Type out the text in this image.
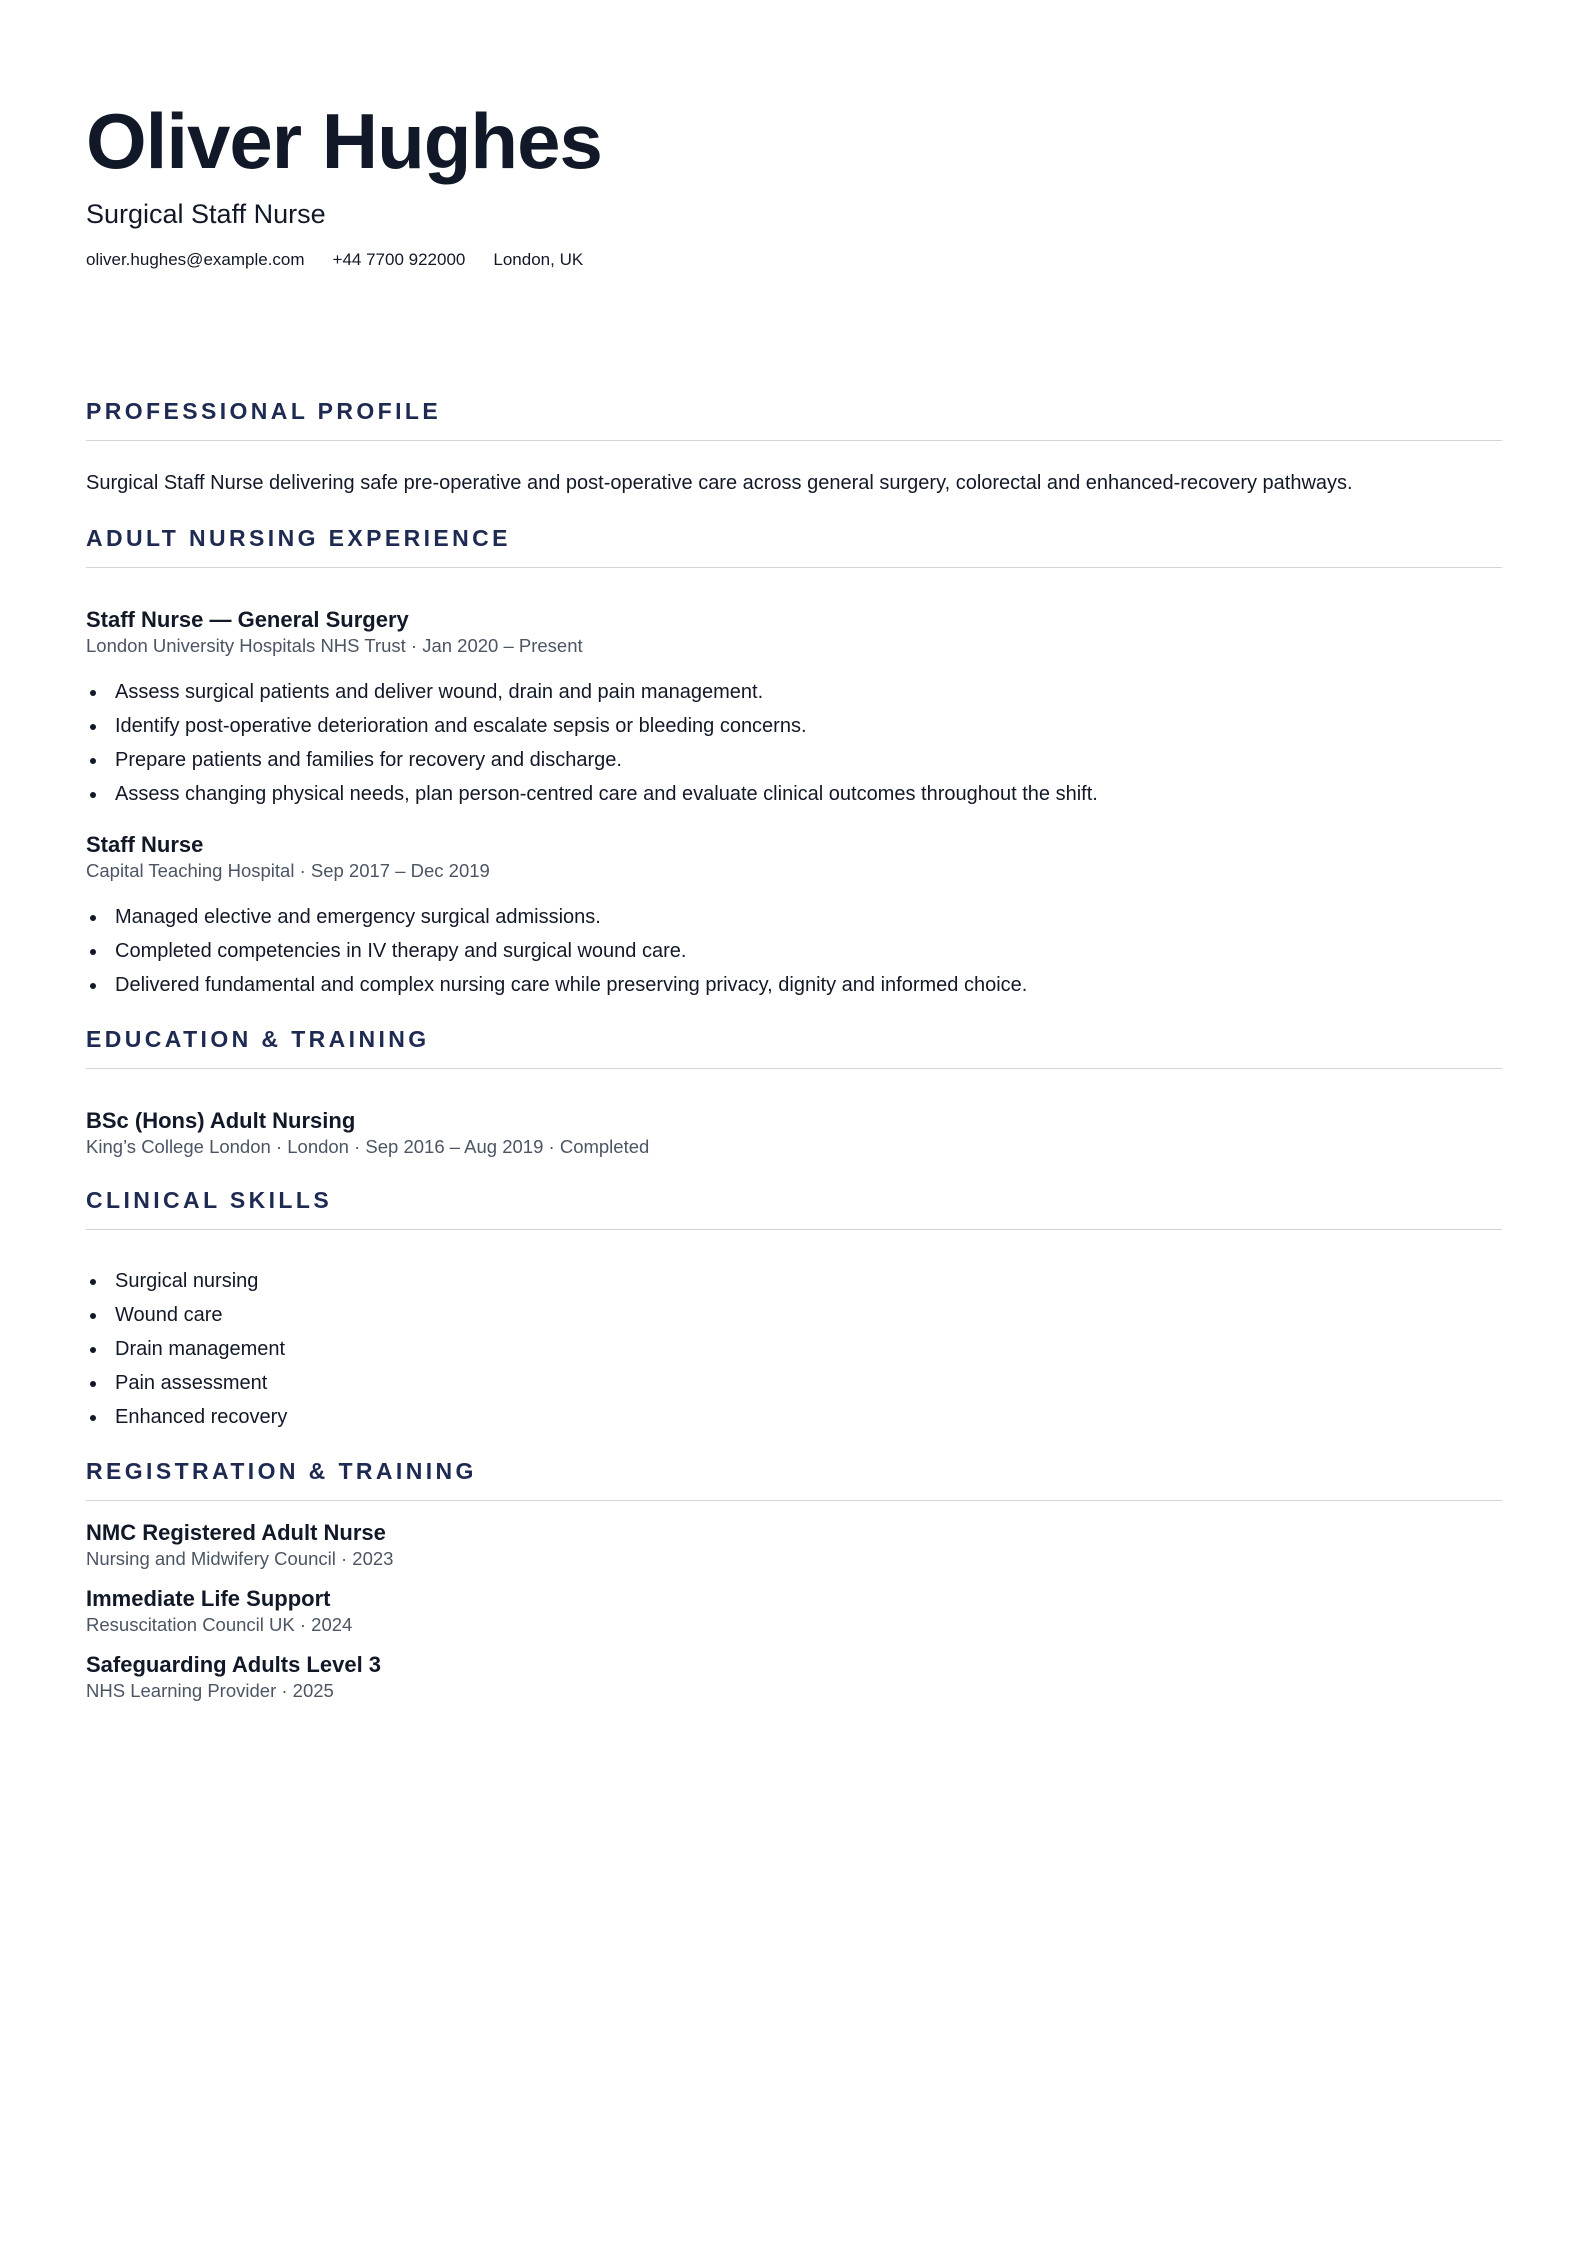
Oliver Hughes
Surgical Staff Nurse
oliver.hughes@example.com +44 7700 922000 London, UK
PROFESSIONAL PROFILE
Surgical Staff Nurse delivering safe pre-operative and post-operative care across general surgery, colorectal and enhanced-recovery pathways.
ADULT NURSING EXPERIENCE
Staff Nurse — General Surgery
London University Hospitals NHS Trust · Jan 2020 – Present
Assess surgical patients and deliver wound, drain and pain management.
Identify post-operative deterioration and escalate sepsis or bleeding concerns.
Prepare patients and families for recovery and discharge.
Assess changing physical needs, plan person-centred care and evaluate clinical outcomes throughout the shift.
Staff Nurse
Capital Teaching Hospital · Sep 2017 – Dec 2019
Managed elective and emergency surgical admissions.
Completed competencies in IV therapy and surgical wound care.
Delivered fundamental and complex nursing care while preserving privacy, dignity and informed choice.
EDUCATION & TRAINING
BSc (Hons) Adult Nursing
King’s College London · London · Sep 2016 – Aug 2019 · Completed
CLINICAL SKILLS
Surgical nursing
Wound care
Drain management
Pain assessment
Enhanced recovery
REGISTRATION & TRAINING
NMC Registered Adult Nurse
Nursing and Midwifery Council · 2023
Immediate Life Support
Resuscitation Council UK · 2024
Safeguarding Adults Level 3
NHS Learning Provider · 2025
